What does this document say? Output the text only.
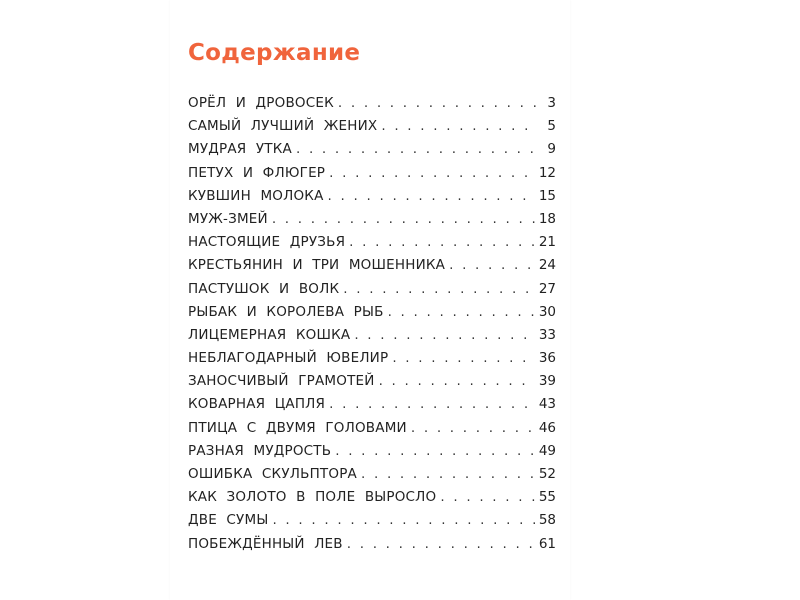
Содержание
ОРЁЛ И ДРОВОСЕК . . .	3
САМЫЙ ЛУЧШИЙ ЖЕНИХ . . .	5
МУДРАЯ УТКА . . .	9
ПЕТУХ И ФЛЮГЕР . . .	12
КУВШИН МОЛОКА . . .	15
МУЖ-ЗМЕЙ . . .	18
НАСТОЯЩИЕ ДРУЗЬЯ . . .	21
КРЕСТЬЯНИН И ТРИ МОШЕННИКА . . .	24
ПАСТУШОК И ВОЛК . . .	27
РЫБАК И КОРОЛЕВА РЫБ . . .	30
ЛИЦЕМЕРНАЯ КОШКА . . .	33
НЕБЛАГОДАРНЫЙ ЮВЕЛИР . . .	36
ЗАНОСЧИВЫЙ ГРАМОТЕЙ . . .	39
КОВАРНАЯ ЦАПЛЯ . . .	43
ПТИЦА С ДВУМЯ ГОЛОВАМИ . . .	46
РАЗНАЯ МУДРОСТЬ . . .	49
ОШИБКА СКУЛЬПТОРА . . .	52
КАК ЗОЛОТО В ПОЛЕ ВЫРОСЛО . . .	55
ДВЕ СУМЫ . . .	58
ПОБЕЖДЁННЫЙ ЛЕВ . . .	61
